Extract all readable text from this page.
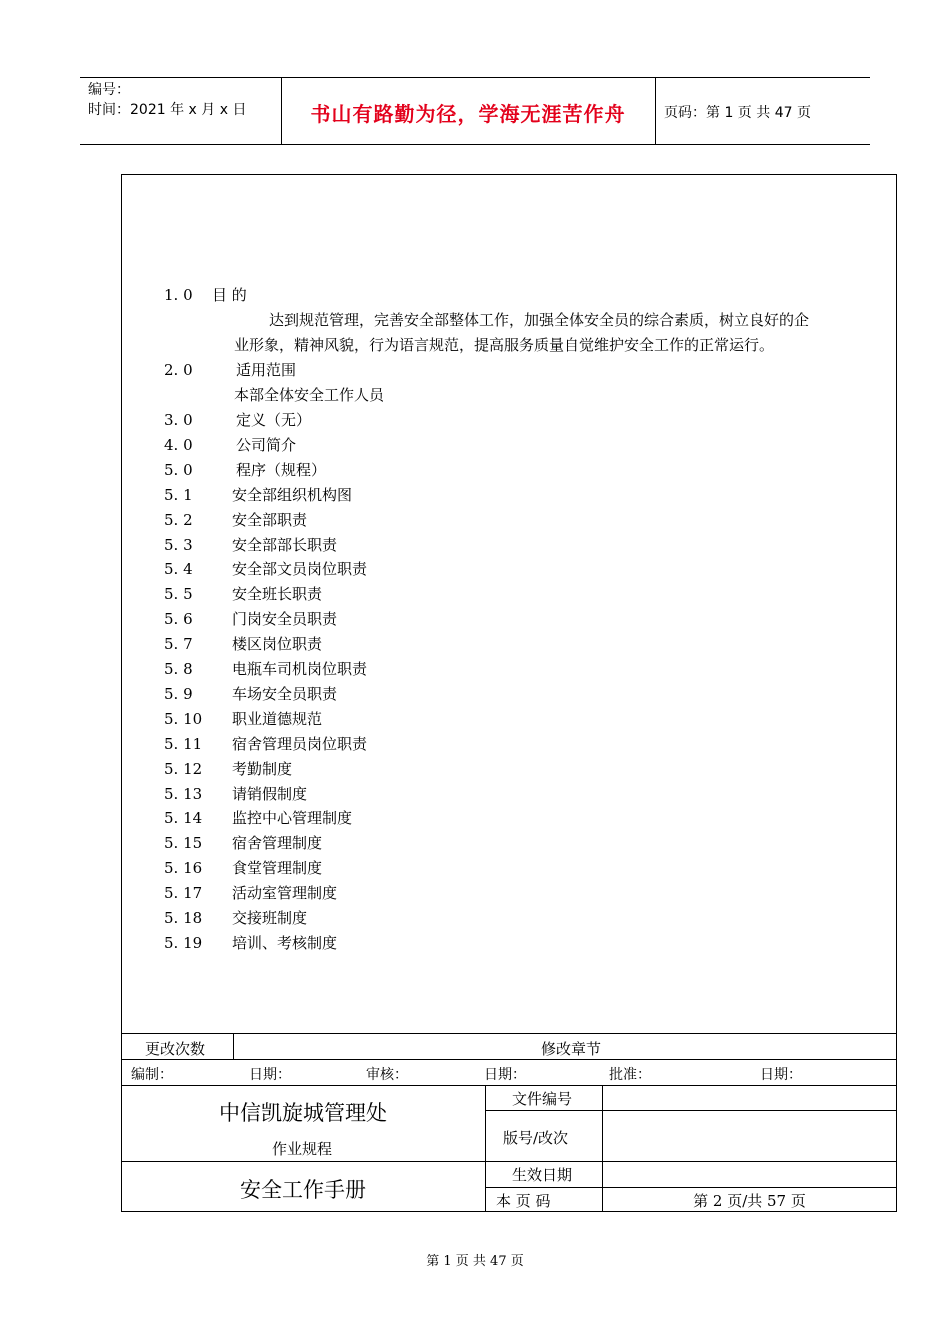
编号：
时间：2021 年 x 月 x 日	书山有路勤为径，学海无涯苦作舟	页码：第 1 页 共 47 页
1. 0 目 的
达到规范管理，完善安全部整体工作，加强全体安全员的综合素质，树立良好的企
业形象，精神风貌，行为语言规范，提高服务质量自觉维护安全工作的正常运行。
2. 0	适用范围
本部全体安全工作人员
3. 0	定义（无）
4. 0	公司简介
5. 0	程序（规程）
5. 1	安全部组织机构图
5. 2	安全部职责
5. 3	安全部部长职责
5. 4	安全部文员岗位职责
5. 5	安全班长职责
5. 6	门岗安全员职责
5. 7	楼区岗位职责
5. 8	电瓶车司机岗位职责
5. 9	车场安全员职责
5. 10 职业道德规范
5. 11 宿舍管理员岗位职责
5. 12 考勤制度
5. 13 请销假制度
5. 14 监控中心管理制度
5. 15 宿舍管理制度
5. 16 食堂管理制度
5. 17 活动室管理制度
5. 18 交接班制度
5. 19 培训、考核制度
更改次数	修改章节
编制：	日期：	审核：	日期：	批准：	日期：
中信凯旋城管理处
作业规程
安全工作手册
文件编号
版号/改次
生效日期
本 页 码	第 2 页/共 57 页
第 1 页 共 47 页
